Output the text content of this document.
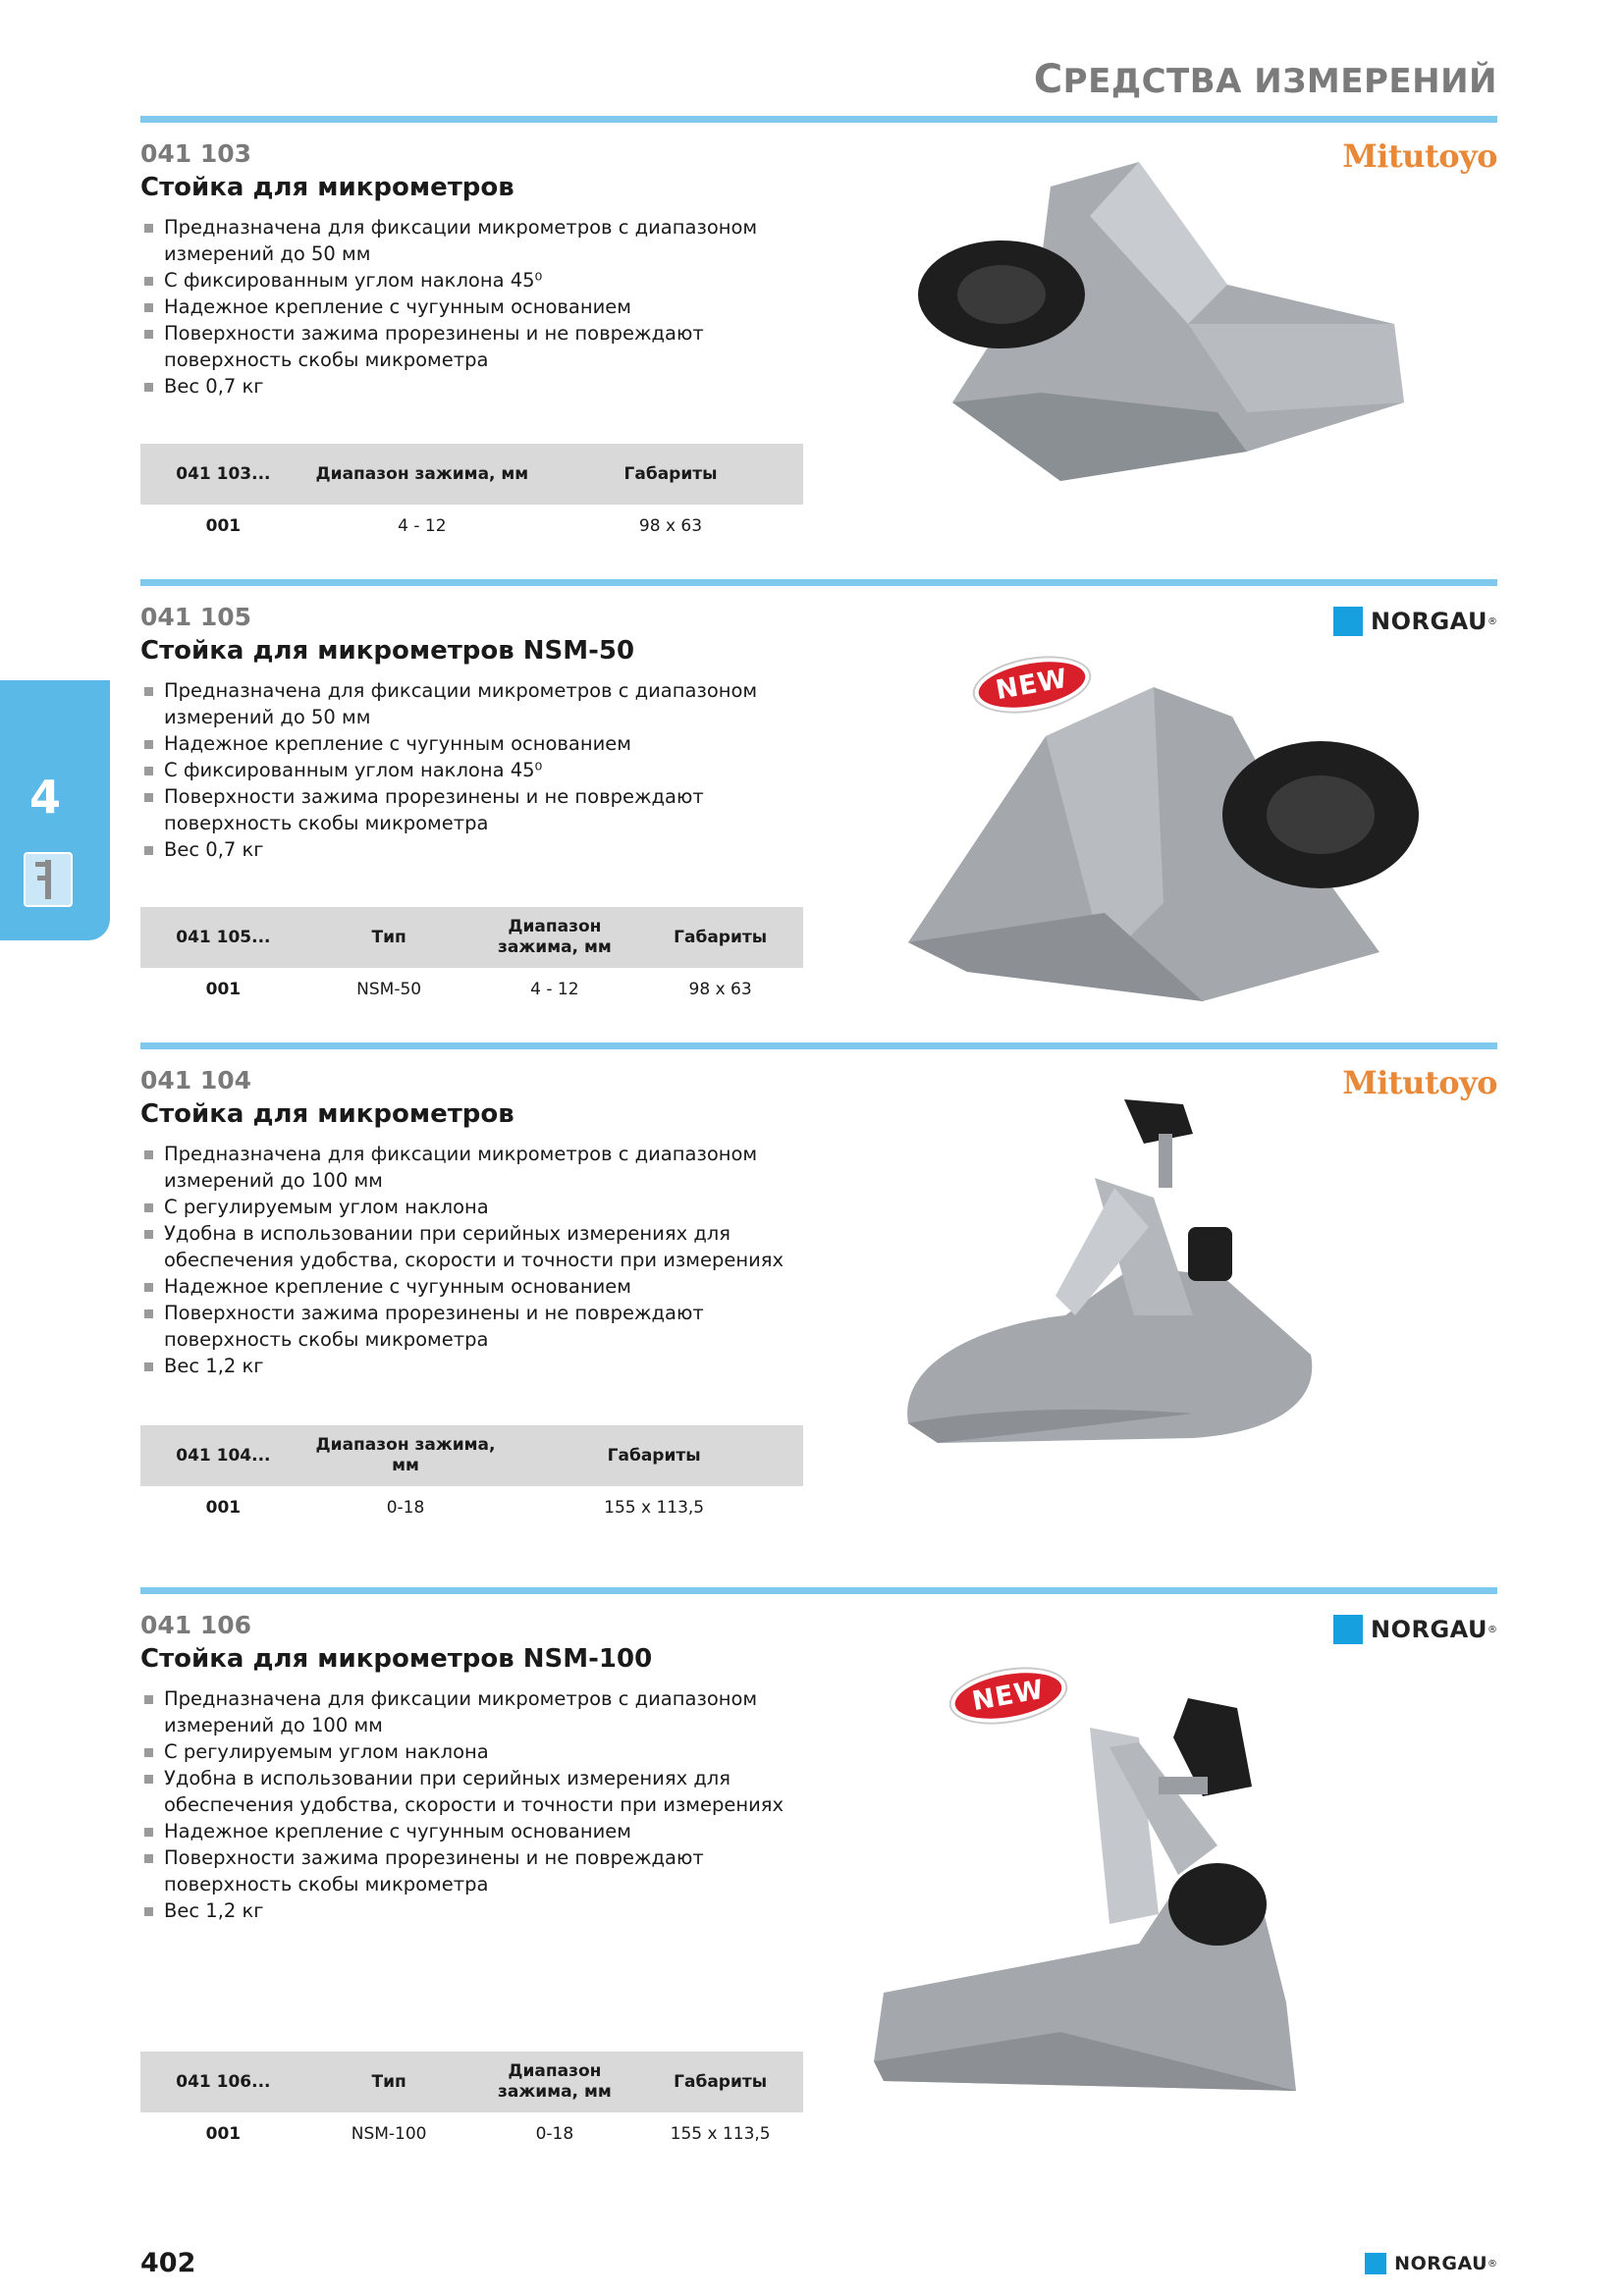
СРЕДСТВА ИЗМЕРЕНИЙ
4
041 103
Стойка для микрометров
Mitutoyo
Предназначена для фиксации микрометров с диапазоном измерений до 50 мм
С фиксированным углом наклона 45⁰
Надежное крепление с чугунным основанием
Поверхности зажима прорезинены и не повреждают поверхность скобы микрометра
Вес 0,7 кг
041 103...	Диапазон зажима, мм	Габариты
001	4 - 12	98 x 63
041 105
Стойка для микрометров NSM-50
NORGAU ®
Предназначена для фиксации микрометров с диапазоном измерений до 50 мм
Надежное крепление с чугунным основанием
С фиксированным углом наклона 45⁰
Поверхности зажима прорезинены и не повреждают поверхность скобы микрометра
Вес 0,7 кг
041 105...	Тип	Диапазон зажима, мм	Габариты
001	NSM-50	4 - 12	98 x 63
NEW
041 104
Стойка для микрометров
Mitutoyo
Предназначена для фиксации микрометров с диапазоном измерений до 100 мм
С регулируемым углом наклона
Удобна в использовании при серийных измерениях для обеспечения удобства, скорости и точности при измерениях
Надежное крепление с чугунным основанием
Поверхности зажима прорезинены и не повреждают поверхность скобы микрометра
Вес 1,2 кг
041 104...	Диапазон зажима, мм	Габариты
001	0-18	155 x 113,5
041 106
Стойка для микрометров NSM-100
NORGAU ®
Предназначена для фиксации микрометров с диапазоном измерений до 100 мм
С регулируемым углом наклона
Удобна в использовании при серийных измерениях для обеспечения удобства, скорости и точности при измерениях
Надежное крепление с чугунным основанием
Поверхности зажима прорезинены и не повреждают поверхность скобы микрометра
Вес 1,2 кг
041 106...	Тип	Диапазон зажима, мм	Габариты
001	NSM-100	0-18	155 x 113,5
NEW
402	NORGAU ®
